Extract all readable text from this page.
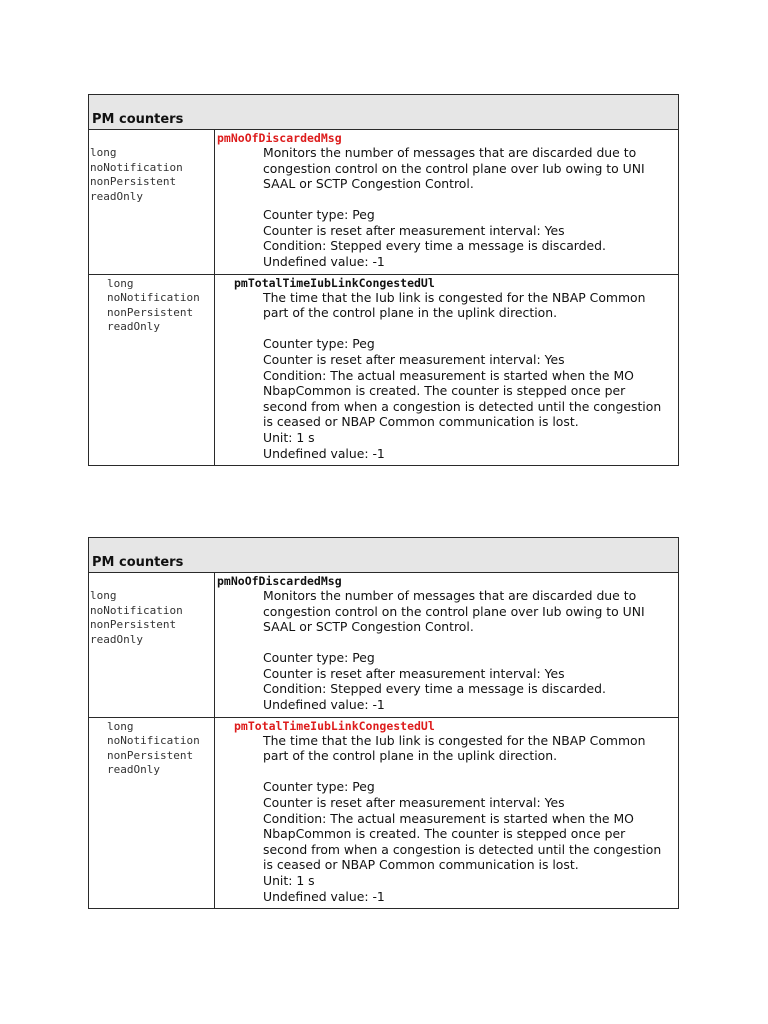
PM counters
long
noNotification
nonPersistent
readOnly
pmNoOfDiscardedMsg

Monitors the number of messages that are discarded due to

congestion control on the control plane over Iub owing to UNI

SAAL or SCTP Congestion Control.

Counter type: Peg

Counter is reset after measurement interval: Yes

Condition: Stepped every time a message is discarded.

Undefined value: -1

long
noNotification
nonPersistent
readOnly
pmTotalTimeIubLinkCongestedUl

The time that the Iub link is congested for the NBAP Common

part of the control plane in the uplink direction.

Counter type: Peg

Counter is reset after measurement interval: Yes

Condition: The actual measurement is started when the MO

NbapCommon is created. The counter is stepped once per

second from when a congestion is detected until the congestion

is ceased or NBAP Common communication is lost.

Unit: 1 s

Undefined value: -1

PM counters
long
noNotification
nonPersistent
readOnly
pmNoOfDiscardedMsg

Monitors the number of messages that are discarded due to

congestion control on the control plane over Iub owing to UNI

SAAL or SCTP Congestion Control.

Counter type: Peg

Counter is reset after measurement interval: Yes

Condition: Stepped every time a message is discarded.

Undefined value: -1

long
noNotification
nonPersistent
readOnly
pmTotalTimeIubLinkCongestedUl

The time that the Iub link is congested for the NBAP Common

part of the control plane in the uplink direction.

Counter type: Peg

Counter is reset after measurement interval: Yes

Condition: The actual measurement is started when the MO

NbapCommon is created. The counter is stepped once per

second from when a congestion is detected until the congestion

is ceased or NBAP Common communication is lost.

Unit: 1 s

Undefined value: -1
